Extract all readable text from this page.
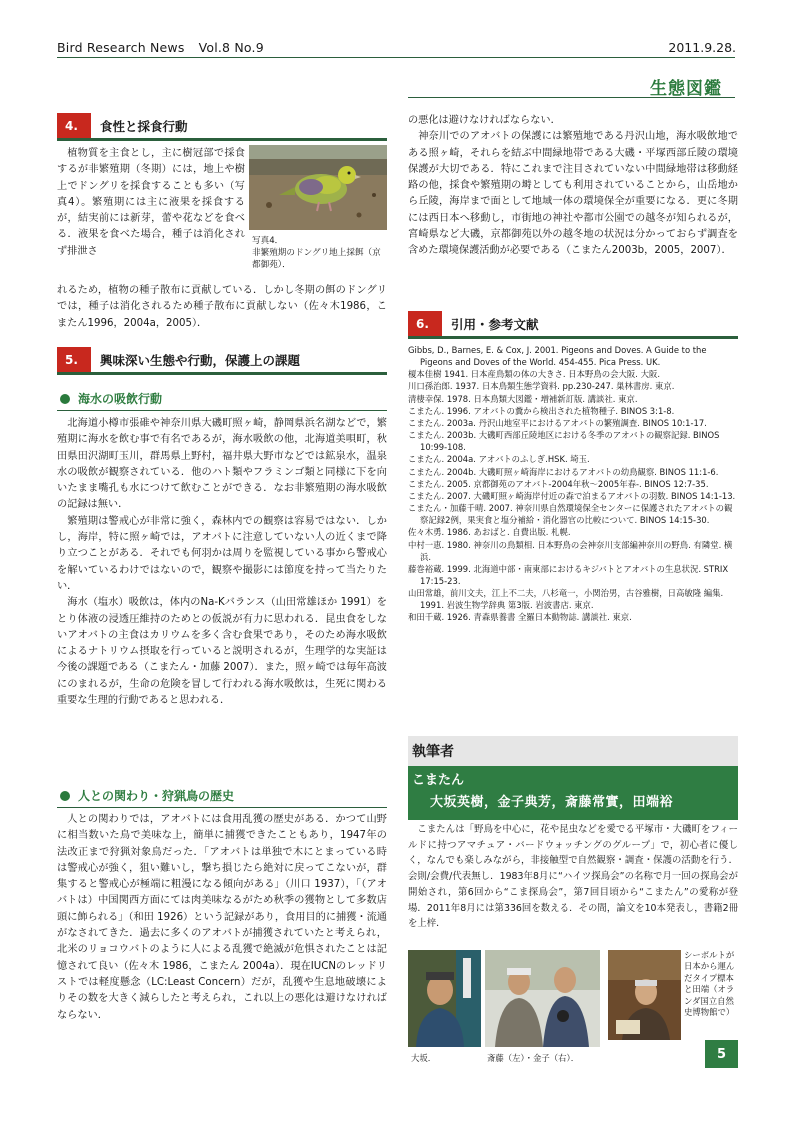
Bird Research News Vol.8 No.9	2011.9.28.
生態図鑑
4.	食性と採食行動
写真4．
非繁殖期のドングリ地上採餌（京都御苑）．

植物質を主食とし，主に樹冠部で採食するが非繁殖期（冬期）には，地上や樹上でドングリを採食することも多い（写真4）。繁殖期には主に液果を採食するが，結実前には新芽，蕾や花などを食べる．液果を食べた場合，種子は消化されず排泄さ

れるため，植物の種子散布に貢献している．しかし冬期の餌のドングリでは，種子は消化されるため種子散布に貢献しない（佐々木1986，こまたん1996，2004a，2005）．
5.	興味深い生態や行動，保護上の課題
海水の吸飲行動

北海道小樽市張碓や神奈川県大磯町照ヶ崎，静岡県浜名湖などで，繁殖期に海水を飲む事で有名であるが，海水吸飲の他，北海道美唄町，秋田県田沢湖町玉川，群馬県上野村，福井県大野市などでは鉱泉水，温泉水の吸飲が観察されている．他のハト類やフラミンゴ類と同様に下を向いたまま嘴孔も水につけて飲むことができる．なお非繁殖期の海水吸飲の記録は無い．

繁殖期は警戒心が非常に強く，森林内での観察は容易ではない．しかし，海岸，特に照ヶ崎では，アオバトに注意していない人の近くまで降り立つことがある．それでも何羽かは周りを監視している事から警戒心を解いているわけではないので，観察や撮影には節度を持って当たりたい．

海水（塩水）吸飲は，体内のNa-Kバランス（山田常雄ほか 1991）をとり体液の浸透圧維持のためとの仮説が有力に思われる．昆虫食をしないアオバトの主食はカリウムを多く含む食果であり，そのため海水吸飲によるナトリウム摂取を行っていると説明されるが，生理学的な実証は今後の課題である（こまたん・加藤 2007）．また，照ヶ崎では毎年高波にのまれるが，生命の危険を冒して行われる海水吸飲は，生死に関わる重要な生理的行動であると思われる．

人との関わり・狩猟鳥の歴史

人との関わりでは，アオバトには食用乱獲の歴史がある．かつて山野に相当数いた鳥で美味な上，簡単に捕獲できたこともあり，1947年の法改正まで狩猟対象鳥だった．「アオバトは単独で木にとまっている時は警戒心が強く，狙い難いし，撃ち損じたら絶対に戻ってこないが，群集すると警戒心が極端に粗漫になる傾向がある」（川口 1937），「（アオバトは）中国関西方面にては肉美味なるがため秋季の獲物として多数店頭に飾られる」（和田 1926）という記録があり，食用目的に捕獲・流通がなされてきた．過去に多くのアオバトが捕獲されていたと考えられ，北米のリョコウバトのように人による乱獲で絶滅が危惧されたことは記憶されて良い（佐々木 1986，こまたん 2004a）．現在IUCNのレッドリストでは軽度懸念（LC:Least Concern）だが，乱獲や生息地破壊によりその数を大きく減らしたと考えられ，これ以上の悪化は避けなければならない．

の悪化は避けなければならない．

神奈川でのアオバトの保護には繁殖地である丹沢山地，海水吸飲地である照ヶ崎，それらを結ぶ中間緑地帯である大磯・平塚西部丘陵の環境保護が大切である．特にこれまで注目されていない中間緑地帯は移動経路の他，採食や繁殖期の塒としても利用されていることから，山岳地から丘陵，海岸まで面として地域一体の環境保全が重要になる．更に冬期には西日本へ移動し，市街地の神社や都市公園での越冬が知られるが，宮崎県など大磯，京都御苑以外の越冬地の状況は分かっておらず調査を含めた環境保護活動が必要である（こまたん2003b，2005，2007）．

6.	引用・参考文献

Gibbs, D., Barnes, E. & Cox, J. 2001. Pigeons and Doves. A Guide to the Pigeons and Doves of the World. 454-455. Pica Press. UK.

榎本佳樹 1941. 日本産鳥類の体の大きさ. 日本野鳥の会大阪. 大阪.

川口孫治郎. 1937. 日本鳥類生態学資料. pp.230-247. 巣林書房. 東京.

清棲幸保. 1978. 日本鳥類大図鑑・増補新訂版. 講談社. 東京.

こまたん. 1996. アオバトの糞から検出された植物種子. BINOS 3:1-8.

こまたん. 2003a. 丹沢山地室平におけるアオバトの繁殖調査. BINOS 10:1-17.

こまたん. 2003b. 大磯町西部丘陵地区における冬季のアオバトの観察記録. BINOS 10:99-108.

こまたん. 2004a. アオバトのふしぎ.HSK. 埼玉.

こまたん. 2004b. 大磯町照ヶ崎海岸におけるアオバトの幼鳥観察. BINOS 11:1-6.

こまたん. 2005. 京都御苑のアオバト-2004年秋〜2005年春-. BINOS 12:7-35.

こまたん. 2007. 大磯町照ヶ崎海岸付近の森で泊まるアオバトの羽数. BINOS 14:1-13.

こまたん・加藤千晴. 2007. 神奈川県自然環境保全センターに保護されたアオバトの観察記録2例，果実食と塩分補給・消化器官の比較について. BINOS 14:15-30.

佐々木勇. 1986. あおばと. 自費出版. 札幌.

中村一恵. 1980. 神奈川の鳥類相. 日本野鳥の会神奈川支部編神奈川の野鳥. 有隣堂. 横浜.

藤巻裕蔵. 1999. 北海道中部・南東部におけるキジバトとアオバトの生息状況. STRIX 17:15-23.

山田常雄，前川文夫，江上不二夫，八杉竜一，小関治男，古谷雅樹，日高敏隆 編集. 1991. 岩波生物学辞典 第3版. 岩波書店. 東京.

和田千蔵. 1926. 青森県養書 全羅日本動物誌. 講談社. 東京.

執筆者
こまたん
大坂英樹，金子典芳，斎藤常實，田端裕

こまたんは「野鳥を中心に，花や昆虫などを愛でる平塚市・大磯町をフィールドに持つアマチュア・バードウォッチングのグループ」で，初心者に優しく，なんでも楽しみながら，非接触型で自然観察・調査・保護の活動を行う．会則/会費/代表無し．1983年8月に“ハイツ探鳥会”の名称で月一回の探鳥会が開始され，第6回から“こま探鳥会”，第7回目頃から“こまたん”の愛称が登場．2011年8月には第336回を数える．その間，論文を10本発表し，書籍2冊を上梓．

シーボルトが日本から運んだタイプ標本と田端（オランダ国立自然史博物館で）
大坂．	斎藤（左）・金子（右）．	5
